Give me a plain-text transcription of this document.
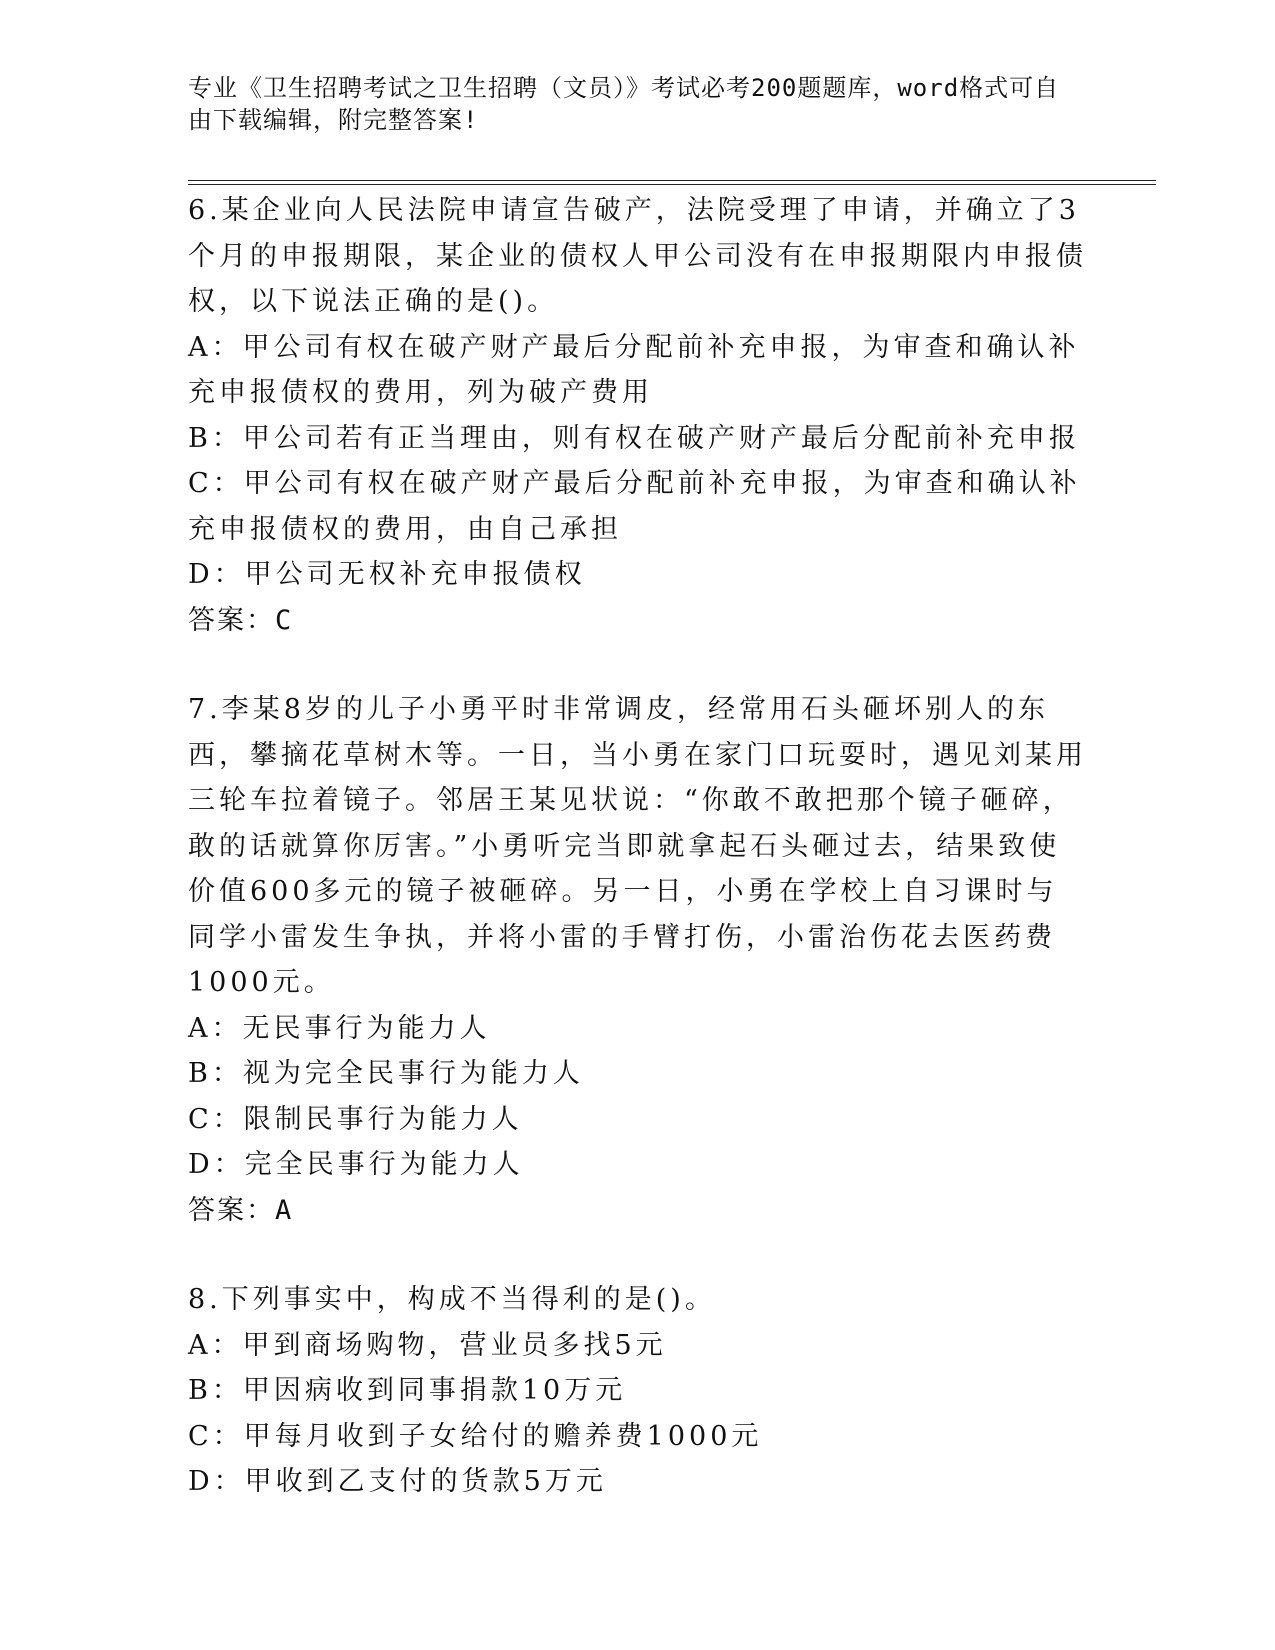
专业《卫生招聘考试之卫生招聘（文员）》考试必考200题题库，word格式可自由下载编辑，附完整答案!
6.某企业向人民法院申请宣告破产，法院受理了申请，并确立了3个月的申报期限，某企业的债权人甲公司没有在申报期限内申报债权，以下说法正确的是()。
A：甲公司有权在破产财产最后分配前补充申报，为审查和确认补充申报债权的费用，列为破产费用
B：甲公司若有正当理由，则有权在破产财产最后分配前补充申报
C：甲公司有权在破产财产最后分配前补充申报，为审查和确认补充申报债权的费用，由自己承担
D：甲公司无权补充申报债权
答案：C
7.李某8岁的儿子小勇平时非常调皮，经常用石头砸坏别人的东西，攀摘花草树木等。一日，当小勇在家门口玩耍时，遇见刘某用三轮车拉着镜子。邻居王某见状说：“你敢不敢把那个镜子砸碎，敢的话就算你厉害。”小勇听完当即就拿起石头砸过去，结果致使价值600多元的镜子被砸碎。另一日，小勇在学校上自习课时与同学小雷发生争执，并将小雷的手臂打伤，小雷治伤花去医药费1000元。
A：无民事行为能力人
B：视为完全民事行为能力人
C：限制民事行为能力人
D：完全民事行为能力人
答案：A
8.下列事实中，构成不当得利的是()。
A：甲到商场购物，营业员多找5元
B：甲因病收到同事捐款10万元
C：甲每月收到子女给付的赡养费1000元
D：甲收到乙支付的货款5万元
